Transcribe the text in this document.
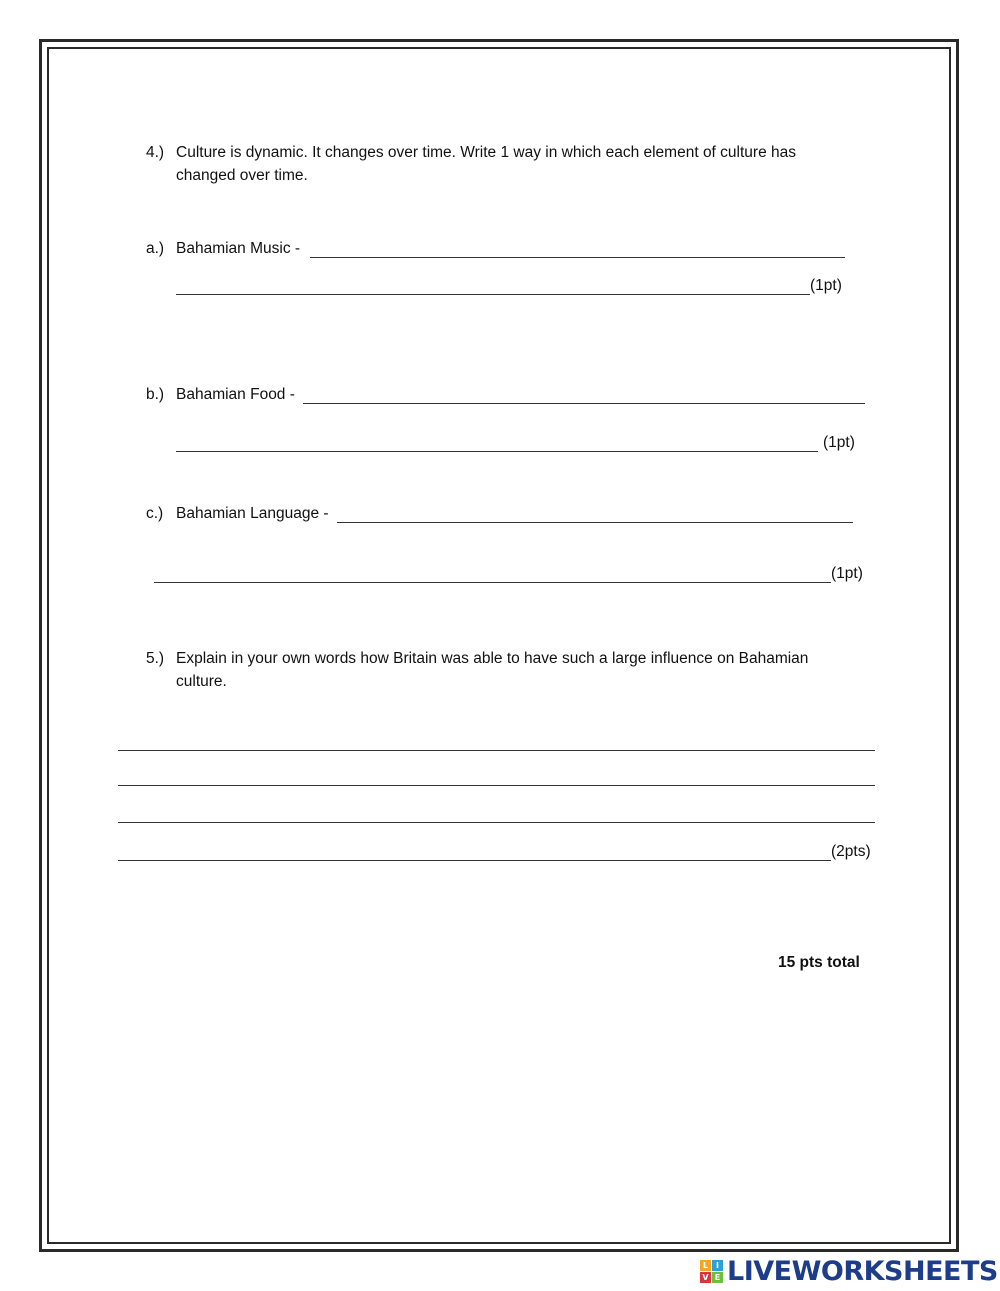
4.) Culture is dynamic. It changes over time. Write 1 way in which each element of culture has
changed over time.
a.) Bahamian Music -
(1pt)
b.) Bahamian Food -
(1pt)
c.) Bahamian Language -
(1pt)
5.) Explain in your own words how Britain was able to have such a large influence on Bahamian
culture.
(2pts)
15 pts total
L I
V E LIVEWORKSHEETS
